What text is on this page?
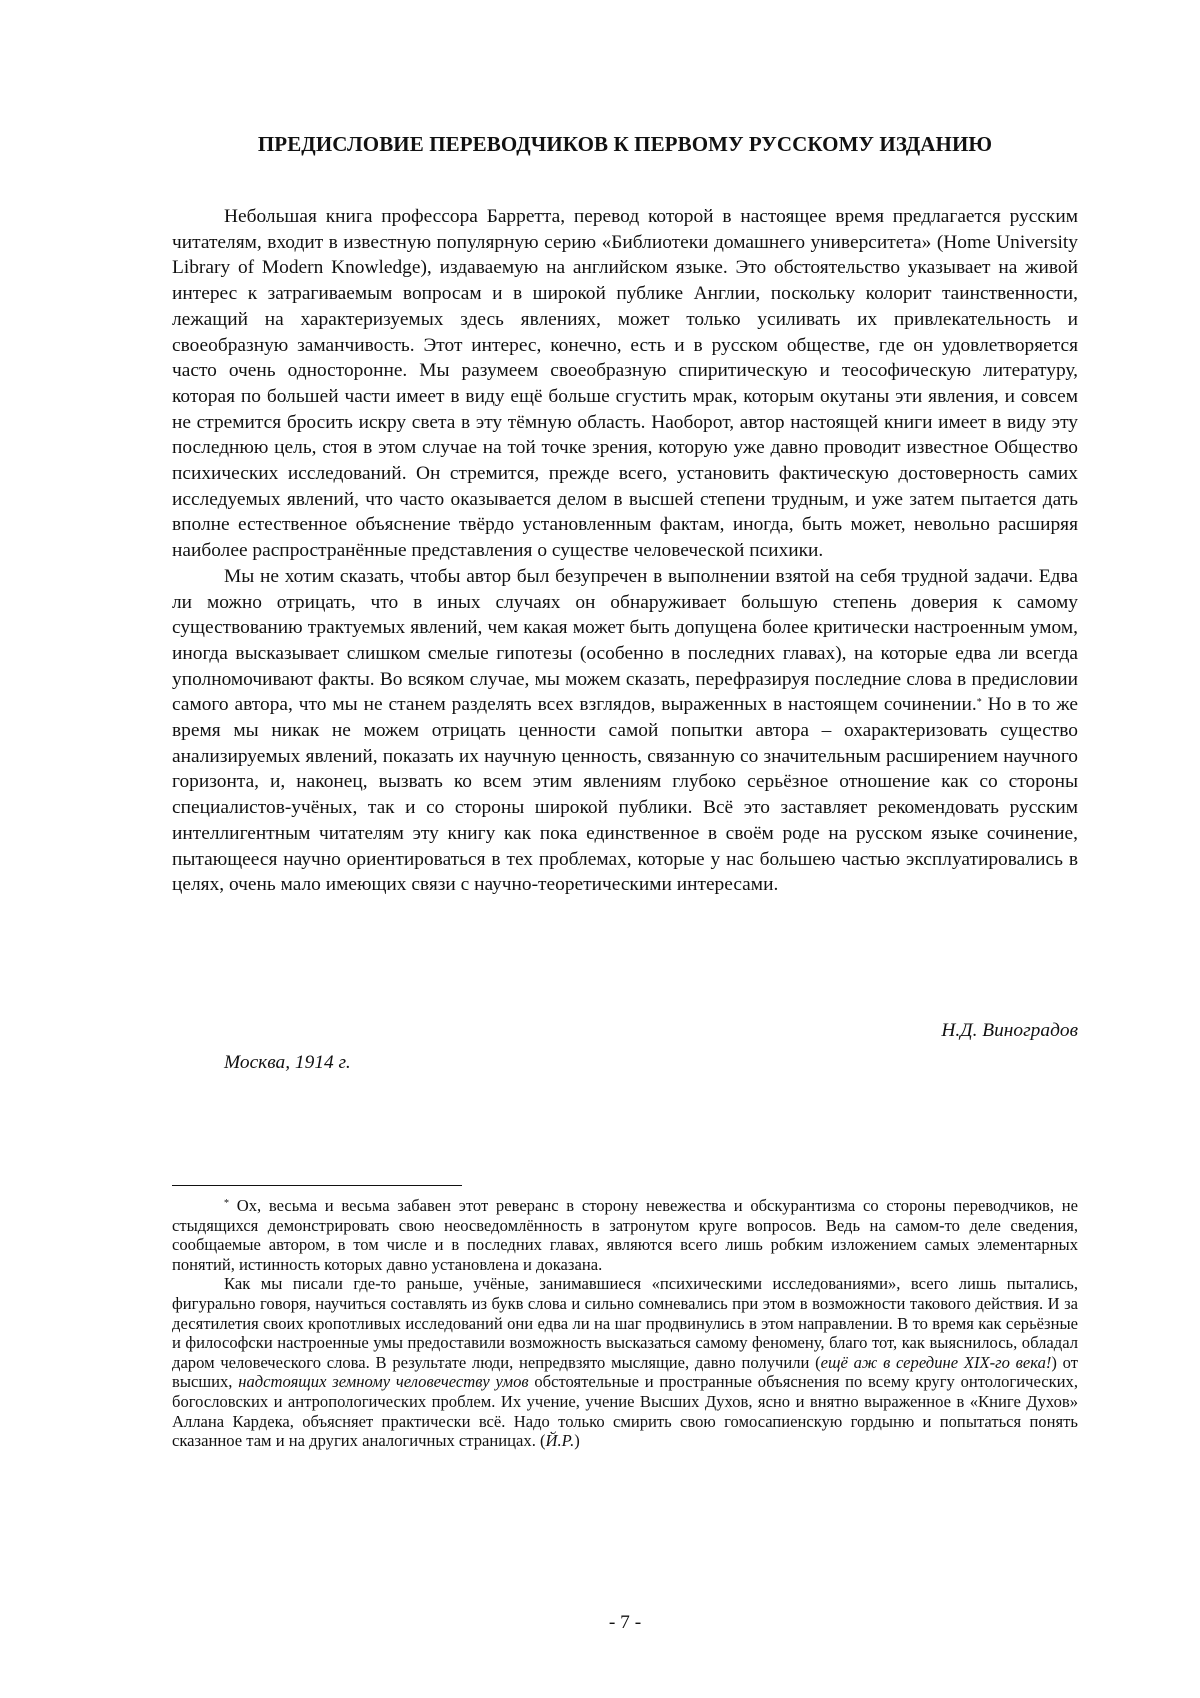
ПРЕДИСЛОВИЕ ПЕРЕВОДЧИКОВ К ПЕРВОМУ РУССКОМУ ИЗДАНИЮ

Небольшая книга профессора Барретта, перевод которой в настоящее время предлагается русским читателям, входит в известную популярную серию «Библиотеки домашнего университета» (Home University Library of Modern Knowledge), издаваемую на английском языке. Это обстоятельство указывает на живой интерес к затрагиваемым вопросам и в широкой публике Англии, поскольку колорит таинственности, лежащий на характеризуемых здесь явлениях, может только усиливать их привлекательность и своеобразную заманчивость. Этот интерес, конечно, есть и в русском обществе, где он удовлетворяется часто очень односторонне. Мы разумеем своеобразную спиритическую и теософическую литературу, которая по большей части имеет в виду ещё больше сгустить мрак, которым окутаны эти явления, и совсем не стремится бросить искру света в эту тёмную область. Наоборот, автор настоящей книги имеет в виду эту последнюю цель, стоя в этом случае на той точке зрения, которую уже давно проводит известное Общество психических исследований. Он стремится, прежде всего, установить фактическую достоверность самих исследуемых явлений, что часто оказывается делом в высшей степени трудным, и уже затем пытается дать вполне естественное объяснение твёрдо установленным фактам, иногда, быть может, невольно расширяя наиболее распространённые представления о существе человеческой психики.

Мы не хотим сказать, чтобы автор был безупречен в выполнении взятой на себя трудной задачи. Едва ли можно отрицать, что в иных случаях он обнаруживает большую степень доверия к самому существованию трактуемых явлений, чем какая может быть допущена более критически настроенным умом, иногда высказывает слишком смелые гипотезы (особенно в последних главах), на которые едва ли всегда уполномочивают факты. Во всяком случае, мы можем сказать, перефразируя последние слова в предисловии самого автора, что мы не станем разделять всех взглядов, выраженных в настоящем сочинении.* Но в то же время мы никак не можем отрицать ценности самой попытки автора – охарактеризовать существо анализируемых явлений, показать их научную ценность, связанную со значительным расширением научного горизонта, и, наконец, вызвать ко всем этим явлениям глубоко серьёзное отношение как со стороны специалистов-учёных, так и со стороны широкой публики. Всё это заставляет рекомендовать русским интеллигентным читателям эту книгу как пока единственное в своём роде на русском языке сочинение, пытающееся научно ориентироваться в тех проблемах, которые у нас большею частью эксплуатировались в целях, очень мало имеющих связи с научно-теоретическими интересами.

Н.Д. Виноградов
Москва, 1914 г.

* Ох, весьма и весьма забавен этот реверанс в сторону невежества и обскурантизма со стороны переводчиков, не стыдящихся демонстрировать свою неосведомлённость в затронутом круге вопросов. Ведь на самом-то деле сведения, сообщаемые автором, в том числе и в последних главах, являются всего лишь робким изложением самых элементарных понятий, истинность которых давно установлена и доказана.

Как мы писали где-то раньше, учёные, занимавшиеся «психическими исследованиями», всего лишь пытались, фигурально говоря, научиться составлять из букв слова и сильно сомневались при этом в возможности такового действия. И за десятилетия своих кропотливых исследований они едва ли на шаг продвинулись в этом направлении. В то время как серьёзные и философски настроенные умы предоставили возможность высказаться самому феномену, благо тот, как выяснилось, обладал даром человеческого слова. В результате люди, непредвзято мыслящие, давно получили (ещё аж в середине XIX-го века!) от высших, надстоящих земному человечеству умов обстоятельные и пространные объяснения по всему кругу онтологических, богословских и антропологических проблем. Их учение, учение Высших Духов, ясно и внятно выраженное в «Книге Духов» Аллана Кардека, объясняет практически всё. Надо только смирить свою гомосапиенскую гордыню и попытаться понять сказанное там и на других аналогичных страницах. (Й.Р.)

- 7 -
